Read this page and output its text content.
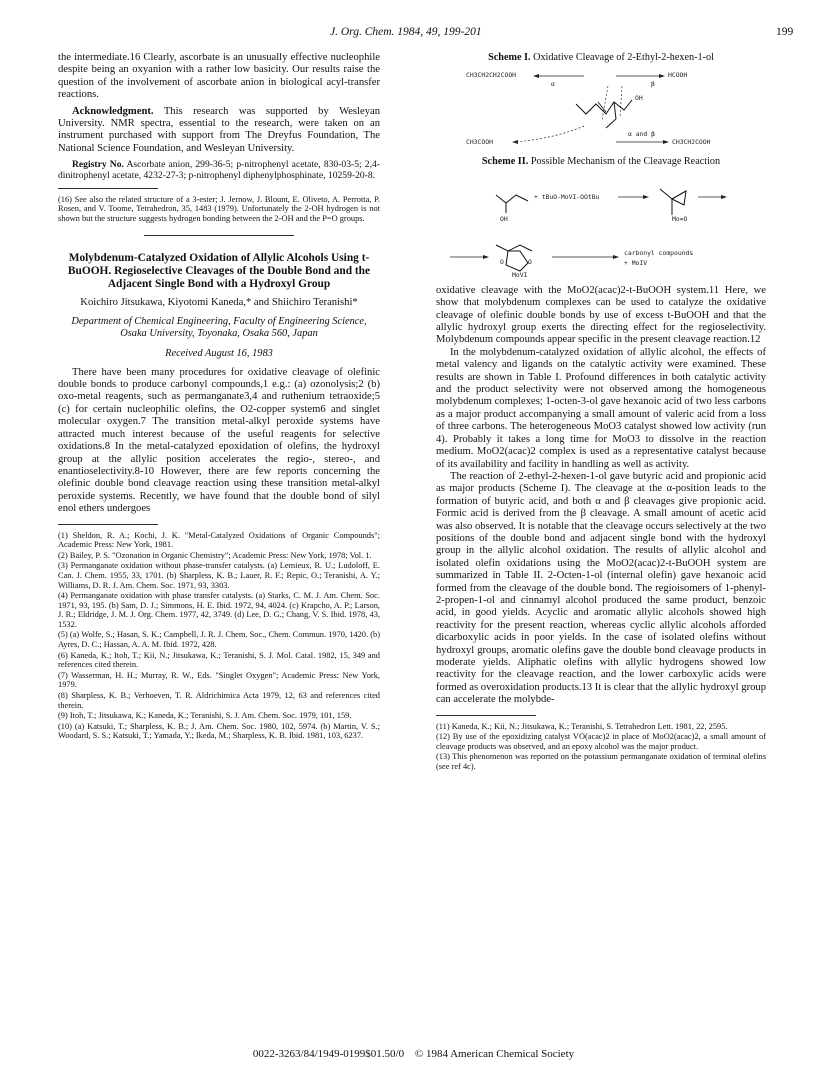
J. Org. Chem. 1984, 49, 199-201	199

the intermediate.16 Clearly, ascorbate is an unusually effective nucleophile despite being an oxyanion with a rather low basicity. Our results raise the question of the involvement of ascorbate anion in biological acyl-transfer reactions.

Acknowledgment. This research was supported by Wesleyan University. NMR spectra, essential to the research, were taken on an instrument purchased with support from The Dreyfus Foundation, The National Science Foundation, and Wesleyan University.

Registry No. Ascorbate anion, 299-36-5; p-nitrophenyl acetate, 830-03-5; 2,4-dinitrophenyl acetate, 4232-27-3; p-nitrophenyl diphenylphosphinate, 10259-20-8.

(16) See also the related structure of a 3-ester; J. Jernow, J. Blount, E. Oliveto, A. Perrotta, P. Rosen, and V. Toome, Tetrahedron, 35, 1483 (1979). Unfortunately the 2-OH hydrogen is not shown but the structure suggests hydrogen bonding between the 2-OH and the P=O groups.

Molybdenum-Catalyzed Oxidation of Allylic Alcohols Using t-BuOOH. Regioselective Cleavages of the Double Bond and the Adjacent Single Bond with a Hydroxyl Group
Koichiro Jitsukawa, Kiyotomi Kaneda,* and Shiichiro Teranishi*
Department of Chemical Engineering, Faculty of Engineering Science, Osaka University, Toyonaka, Osaka 560, Japan
Received August 16, 1983

There have been many procedures for oxidative cleavage of olefinic double bonds to produce carbonyl compounds,1 e.g.: (a) ozonolysis;2 (b) oxo-metal reagents, such as permanganate3,4 and ruthenium tetraoxide;5 (c) for certain nucleophilic olefins, the O2-copper system6 and singlet molecular oxygen.7 The transition metal-alkyl peroxide systems have attracted much interest because of the useful reagents for selective oxidations.8 In the metal-catalyzed epoxidation of olefins, the hydroxyl group at the allylic position accelerates the regio-, stereo-, and enantioselectivity.8-10 However, there are few reports concerning the olefinic double bond cleavage reaction using these transition metal-alkyl peroxide systems. Recently, we have found that the double bond of silyl enol ethers undergoes

(1) Sheldon, R. A.; Kochi, J. K. "Metal-Catalyzed Oxidations of Organic Compounds"; Academic Press: New York, 1981.

(2) Bailey, P. S. "Ozonation in Organic Chemistry"; Academic Press: New York, 1978; Vol. 1.

(3) Permanganate oxidation without phase-transfer catalysts. (a) Lemieux, R. U.; Ludoloff, E. Can. J. Chem. 1955, 33, 1701. (b) Sharpless, K. B.; Lauer, R. F.; Repic, O.; Teranishi, A. Y.; Williams, D. R. J. Am. Chem. Soc. 1971, 93, 3303.

(4) Permanganate oxidation with phase transfer catalysts. (a) Starks, C. M. J. Am. Chem. Soc. 1971, 93, 195. (b) Sam, D. J.; Simmons, H. E. Ibid. 1972, 94, 4024. (c) Krapcho, A. P.; Larson, J. R.; Eldridge, J. M. J. Org. Chem. 1977, 42, 3749. (d) Lee, D. G.; Chang, V. S. Ibid. 1978, 43, 1532.

(5) (a) Wolfe, S.; Hasan, S. K.; Campbell, J. R. J. Chem. Soc., Chem. Commun. 1970, 1420. (b) Ayres, D. C.; Hassan, A. A. M. Ibid. 1972, 428.

(6) Kaneda, K.; Itoh, T.; Kii, N.; Jitsukawa, K.; Teranishi, S. J. Mol. Catal. 1982, 15, 349 and references cited therein.

(7) Wasserman, H. H.; Murray, R. W., Eds. "Singlet Oxygen"; Academic Press: New York, 1979.

(8) Sharpless, K. B.; Verhoeven, T. R. Aldrichimica Acta 1979, 12, 63 and references cited therein.

(9) Itoh, T.; Jitsukawa, K.; Kaneda, K.; Teranishi, S. J. Am. Chem. Soc. 1979, 101, 159.

(10) (a) Katsuki, T.; Sharpless, K. B.; J. Am. Chem. Soc. 1980, 102, 5974. (b) Martin, V. S.; Woodard, S. S.; Katsuki, T.; Yamada, Y.; Ikeda, M.; Sharpless, K. B. Ibid. 1981, 103, 6237.

Scheme I. Oxidative Cleavage of 2-Ethyl-2-hexen-1-ol
CH3CH2CH2COOH
α
HCOOH
β
OH
CH3COOH	CH3CH2COOH
α and β
Scheme II. Possible Mechanism of the Cleavage Reaction
OH
+ tBuO-MoVI-OOtBu
Mo=O
O	O
MoVI
carbonyl compounds
+ MoIV

oxidative cleavage with the MoO2(acac)2-t-BuOOH system.11 Here, we show that molybdenum complexes can be used to catalyze the oxidative cleavage of olefinic double bonds by use of excess t-BuOOH and that the allylic hydroxyl group exerts the directing effect for the regioselectivity. Molybdenum compounds appear specific in the present cleavage reaction.12

In the molybdenum-catalyzed oxidation of allylic alcohol, the effects of metal valency and ligands on the catalytic activity were examined. These results are shown in Table I. Profound differences in both catalytic activity and the product selectivity were not observed among the homogeneous molybdenum complexes; 1-octen-3-ol gave hexanoic acid of two less carbons as a major product accompanying a small amount of valeric acid from a loss of three carbons. The heterogeneous MoO3 catalyst showed low activity (run 4). Probably it takes a long time for MoO3 to dissolve in the reaction medium. MoO2(acac)2 complex is used as a representative catalyst because of its availability and facility in handling as well as activity.

The reaction of 2-ethyl-2-hexen-1-ol gave butyric acid and propionic acid as major products (Scheme I). The cleavage at the α-position leads to the formation of butyric acid, and both α and β cleavages give propionic acid. Formic acid is derived from the β cleavage. A small amount of acetic acid was also observed. It is notable that the cleavage occurs selectively at the two positions of the double bond and adjacent single bond with the hydroxyl group in the allylic alcohol oxidation. The results of allylic alcohol and isolated olefin oxidations using the MoO2(acac)2-t-BuOOH system are summarized in Table II. 2-Octen-1-ol (internal olefin) gave hexanoic acid formed from the cleavage of the double bond. The regioisomers of 1-phenyl-2-propen-1-ol and cinnamyl alcohol produced the same product, benzoic acid, in good yields. Acyclic and aromatic allylic alcohols showed high reactivity for the present reaction, whereas cyclic allylic alcohols afforded dicarboxylic acids in poor yields. In the case of isolated olefins without hydroxyl groups, aromatic olefins gave the double bond cleavage products in moderate yields. Aliphatic olefins with allylic hydrogens showed low reactivity for the cleavage reaction, and the lower carboxylic acids were formed as overoxidation products.13 It is clear that the allylic hydroxyl group can accelerate the molybde-

(11) Kaneda, K.; Kii, N.; Jitsukawa, K.; Teranishi, S. Tetrahedron Lett. 1981, 22, 2595.

(12) By use of the epoxidizing catalyst VO(acac)2 in place of MoO2(acac)2, a small amount of cleavage products was observed, and an epoxy alcohol was the major product.

(13) This phenomenon was reported on the potassium permanganate oxidation of terminal olefins (see ref 4c).

0022-3263/84/1949-0199$01.50/0 © 1984 American Chemical Society
